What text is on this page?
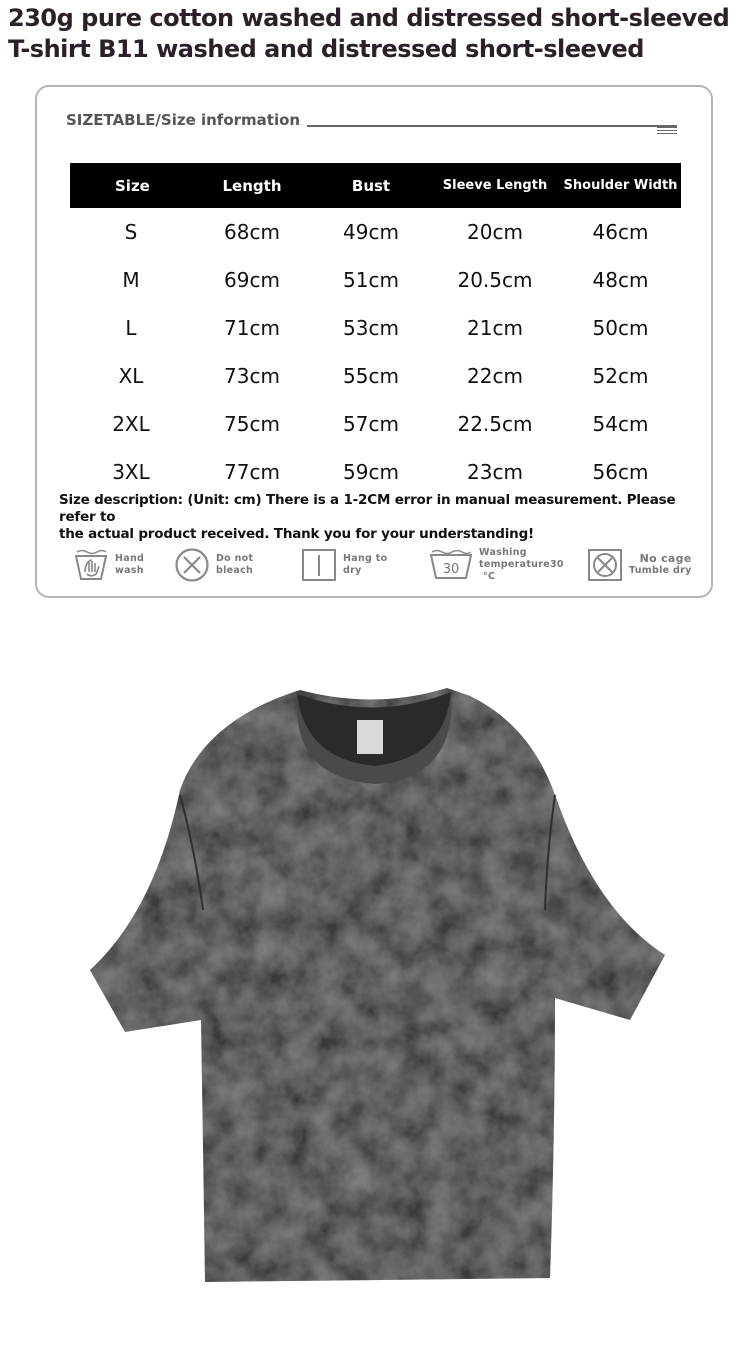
230g pure cotton washed and distressed short-sleeved
T-shirt B11 washed and distressed short-sleeved
SIZETABLE/Size information
Size	Length	Bust	Sleeve Length	Shoulder Width
S	68cm	49cm	20cm	46cm
M	69cm	51cm	20.5cm	48cm
L	71cm	53cm	21cm	50cm
XL	73cm	55cm	22cm	52cm
2XL	75cm	57cm	22.5cm	54cm
3XL	77cm	59cm	23cm	56cm
Size description: (Unit: cm) There is a 1-2CM error in manual measurement. Please refer to
the actual product received. Thank you for your understanding!
Hand
wash
Do not
bleach
Hang to
dry	30
Washing
temperature30
°C
No cage
Tumble dry
